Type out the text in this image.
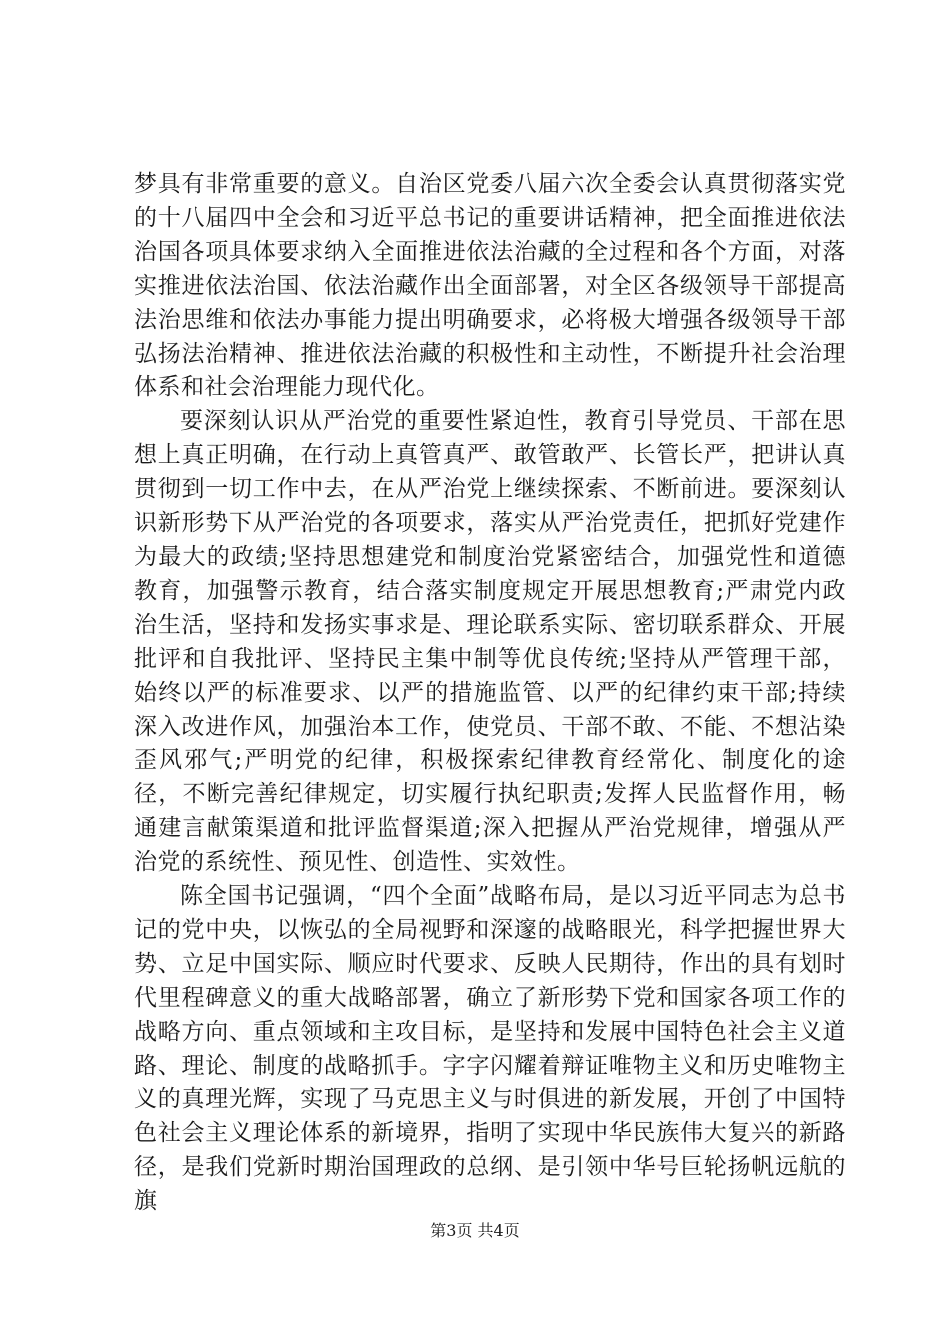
梦具有非常重要的意义。自治区党委八届六次全委会认真贯彻落实党的十八届四中全会和习近平总书记的重要讲话精神，把全面推进依法治国各项具体要求纳入全面推进依法治藏的全过程和各个方面，对落实推进依法治国、依法治藏作出全面部署，对全区各级领导干部提高法治思维和依法办事能力提出明确要求，必将极大增强各级领导干部弘扬法治精神、推进依法治藏的积极性和主动性，不断提升社会治理体系和社会治理能力现代化。

要深刻认识从严治党的重要性紧迫性，教育引导党员、干部在思想上真正明确，在行动上真管真严、敢管敢严、长管长严，把讲认真贯彻到一切工作中去，在从严治党上继续探索、不断前进。要深刻认识新形势下从严治党的各项要求，落实从严治党责任，把抓好党建作为最大的政绩;坚持思想建党和制度治党紧密结合，加强党性和道德教育，加强警示教育，结合落实制度规定开展思想教育;严肃党内政治生活，坚持和发扬实事求是、理论联系实际、密切联系群众、开展批评和自我批评、坚持民主集中制等优良传统;坚持从严管理干部，始终以严的标准要求、以严的措施监管、以严的纪律约束干部;持续深入改进作风，加强治本工作，使党员、干部不敢、不能、不想沾染歪风邪气;严明党的纪律，积极探索纪律教育经常化、制度化的途径，不断完善纪律规定，切实履行执纪职责;发挥人民监督作用，畅通建言献策渠道和批评监督渠道;深入把握从严治党规律，增强从严治党的系统性、预见性、创造性、实效性。

陈全国书记强调，“四个全面”战略布局，是以习近平同志为总书记的党中央，以恢弘的全局视野和深邃的战略眼光，科学把握世界大势、立足中国实际、顺应时代要求、反映人民期待，作出的具有划时代里程碑意义的重大战略部署，确立了新形势下党和国家各项工作的战略方向、重点领域和主攻目标，是坚持和发展中国特色社会主义道路、理论、制度的战略抓手。字字闪耀着辩证唯物主义和历史唯物主义的真理光辉，实现了马克思主义与时俱进的新发展，开创了中国特色社会主义理论体系的新境界，指明了实现中华民族伟大复兴的新路径，是我们党新时期治国理政的总纲、是引领中华号巨轮扬帆远航的旗

第3页 共4页
